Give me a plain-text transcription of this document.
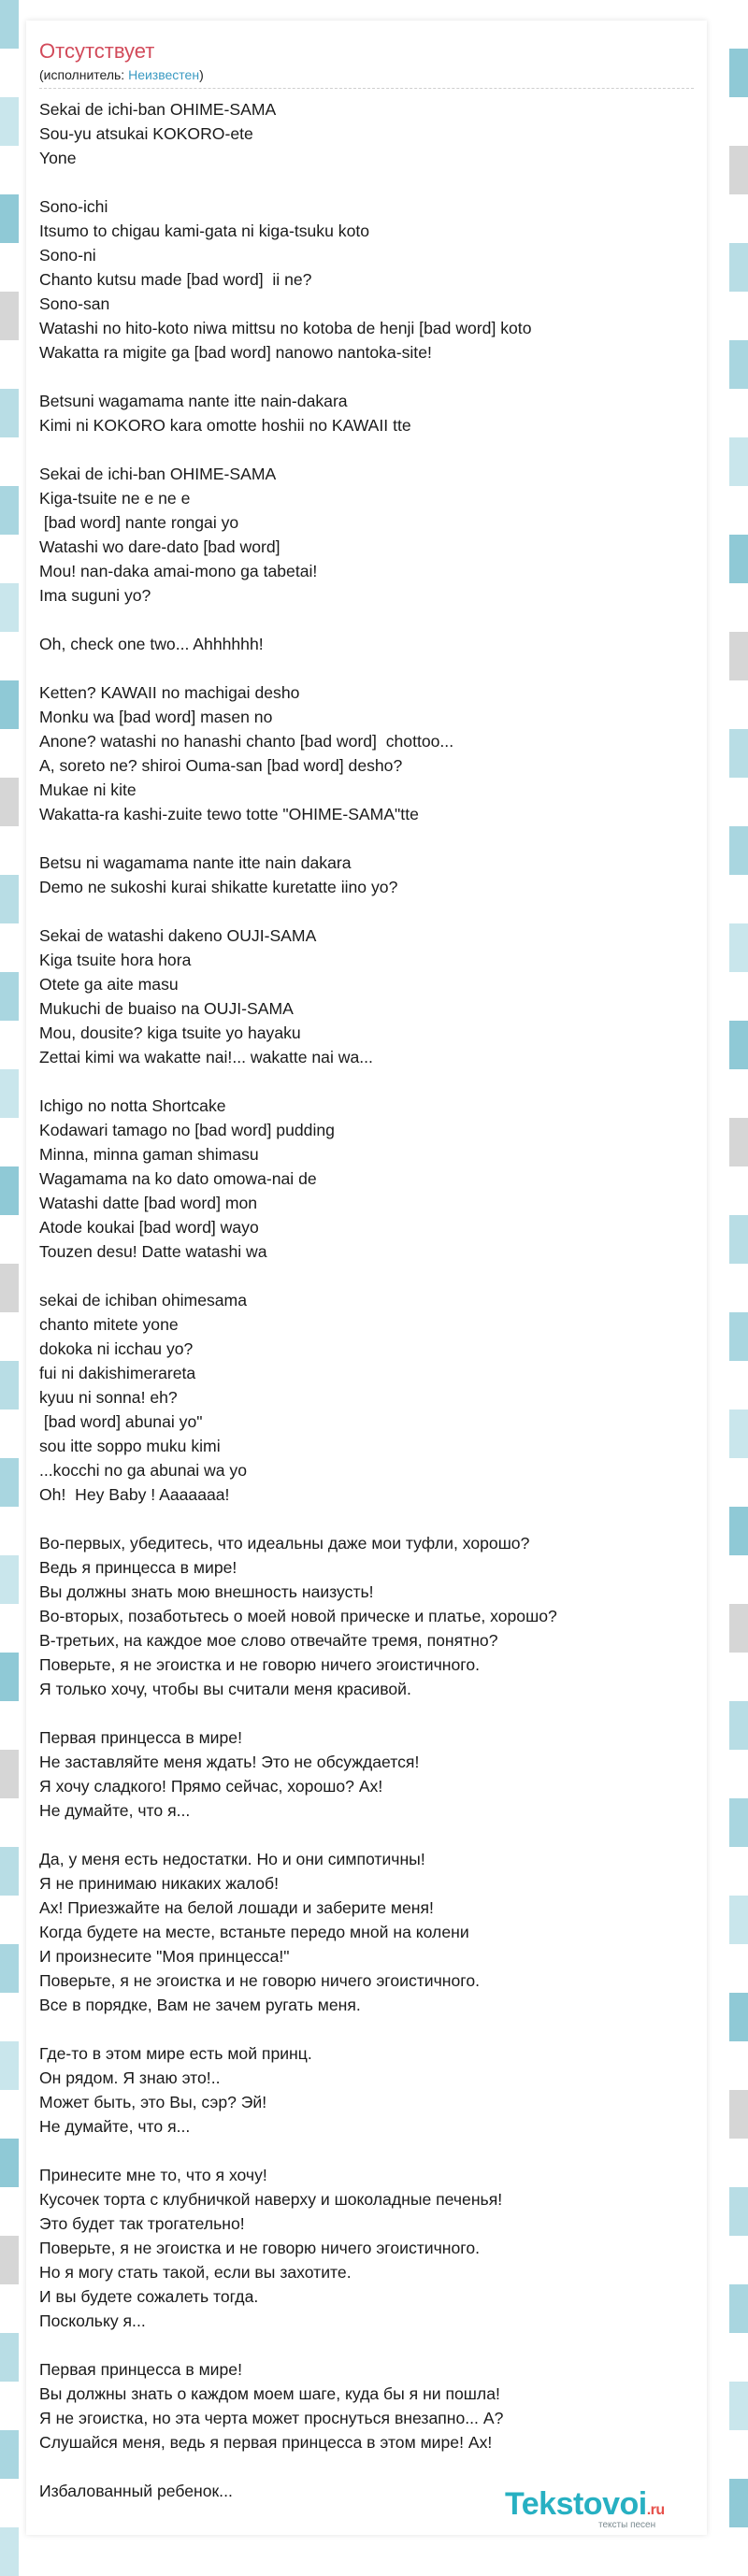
Отсутствует
(исполнитель: Неизвестен)
Sekai de ichi-ban OHIME-SAMA
Sou-yu atsukai KOKORO-ete
Yone
Sono-ichi
Itsumo to chigau kami-gata ni kiga-tsuku koto
Sono-ni
Chanto kutsu made [bad word]  ii ne?
Sono-san
Watashi no hito-koto niwa mittsu no kotoba de henji [bad word] koto
Wakatta ra migite ga [bad word] nanowo nantoka-site!
Betsuni wagamama nante itte nain-dakara
Kimi ni KOKORO kara omotte hoshii no KAWAII tte
Sekai de ichi-ban OHIME-SAMA
Kiga-tsuite ne e ne e
[bad word] nante rongai yo
Watashi wo dare-dato [bad word]
Mou! nan-daka amai-mono ga tabetai!
Ima suguni yo?
Oh, check one two... Ahhhhhh!
Ketten? KAWAII no machigai desho
Monku wa [bad word] masen no
Anone? watashi no hanashi chanto [bad word]  chottoo...
A, soreto ne? shiroi Ouma-san [bad word] desho?
Mukae ni kite
Wakatta-ra kashi-zuite tewo totte "OHIME-SAMA"tte
Betsu ni wagamama nante itte nain dakara
Demo ne sukoshi kurai shikatte kuretatte iino yo?
Sekai de watashi dakeno OUJI-SAMA
Kiga tsuite hora hora
Otete ga aite masu
Mukuchi de buaiso na OUJI-SAMA
Mou, dousite? kiga tsuite yo hayaku
Zettai kimi wa wakatte nai!... wakatte nai wa...
Ichigo no notta Shortcake
Kodawari tamago no [bad word] pudding
Minna, minna gaman shimasu
Wagamama na ko dato omowa-nai de
Watashi datte [bad word] mon
Atode koukai [bad word] wayo
Touzen desu! Datte watashi wa
sekai de ichiban ohimesama
chanto mitete yone
dokoka ni icchau yo?
fui ni dakishimerareta
kyuu ni sonna! eh?
[bad word] abunai yo"
sou itte soppo muku kimi
...kocchi no ga abunai wa yo
Oh!  Hey Baby ! Aaaaaaa!
Во-первых, убедитесь, что идеальны даже мои туфли, хорошо?
Ведь я принцесса в мире!
Вы должны знать мою внешность наизусть!
Во-вторых, позаботьтесь о моей новой прическе и платье, хорошо?
В-третьих, на каждое мое слово отвечайте тремя, понятно?
Поверьте, я не эгоистка и не говорю ничего эгоистичного.
Я только хочу, чтобы вы считали меня красивой.
Первая принцесса в мире!
Не заставляйте меня ждать! Это не обсуждается!
Я хочу сладкого! Прямо сейчас, хорошо? Ах!
Не думайте, что я...
Да, у меня есть недостатки. Но и они симпотичны!
Я не принимаю никаких жалоб!
Ах! Приезжайте на белой лошади и заберите меня!
Когда будете на месте, встаньте передо мной на колени
И произнесите "Моя принцесса!"
Поверьте, я не эгоистка и не говорю ничего эгоистичного.
Все в порядке, Вам не зачем ругать меня.
Где-то в этом мире есть мой принц.
Он рядом. Я знаю это!..
Может быть, это Вы, сэр? Эй!
Не думайте, что я...
Принесите мне то, что я хочу!
Кусочек торта с клубничкой наверху и шоколадные печенья!
Это будет так трогательно!
Поверьте, я не эгоистка и не говорю ничего эгоистичного.
Но я могу стать такой, если вы захотите.
И вы будете сожалеть тогда.
Поскольку я...
Первая принцесса в мире!
Вы должны знать о каждом моем шаге, куда бы я ни пошла!
Я не эгоистка, но эта черта может проснуться внезапно... А?
Слушайся меня, ведь я первая принцесса в этом мире! Ах!
Избалованный ребенок...	Tekstovoi.ru
тексты песен
